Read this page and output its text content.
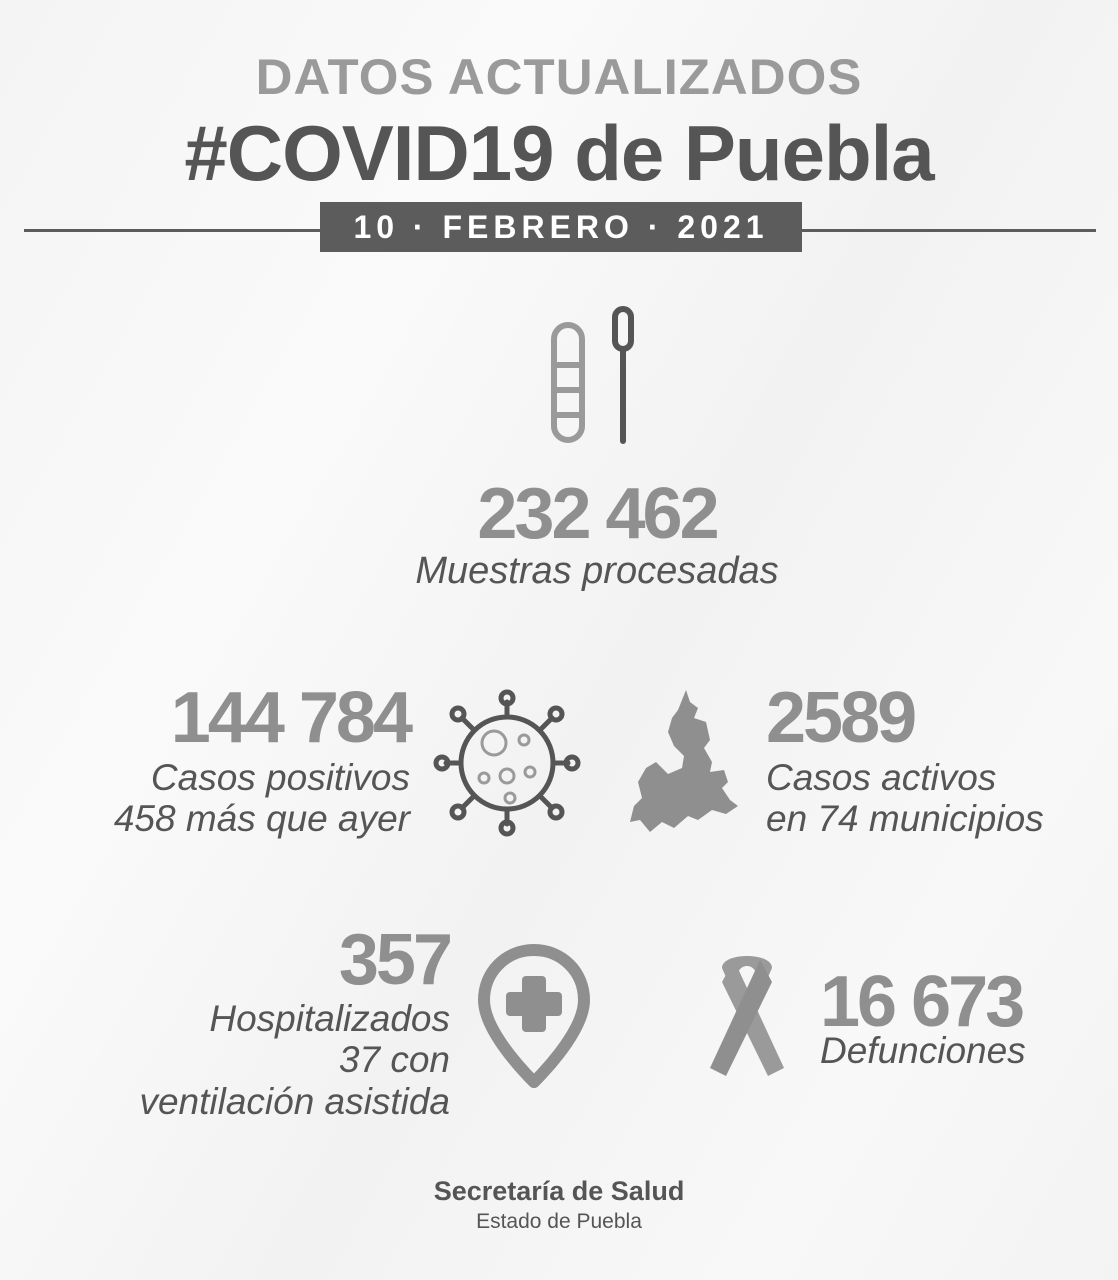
DATOS ACTUALIZADOS
#COVID19 de Puebla
10 · FEBRERO · 2021
232 462
Muestras procesadas
144 784
Casos positivos
458 más que ayer
2589
Casos activos
en 74 municipios
357
Hospitalizados
37 con
ventilación asistida
16 673
Defunciones
Secretaría de Salud
Estado de Puebla
